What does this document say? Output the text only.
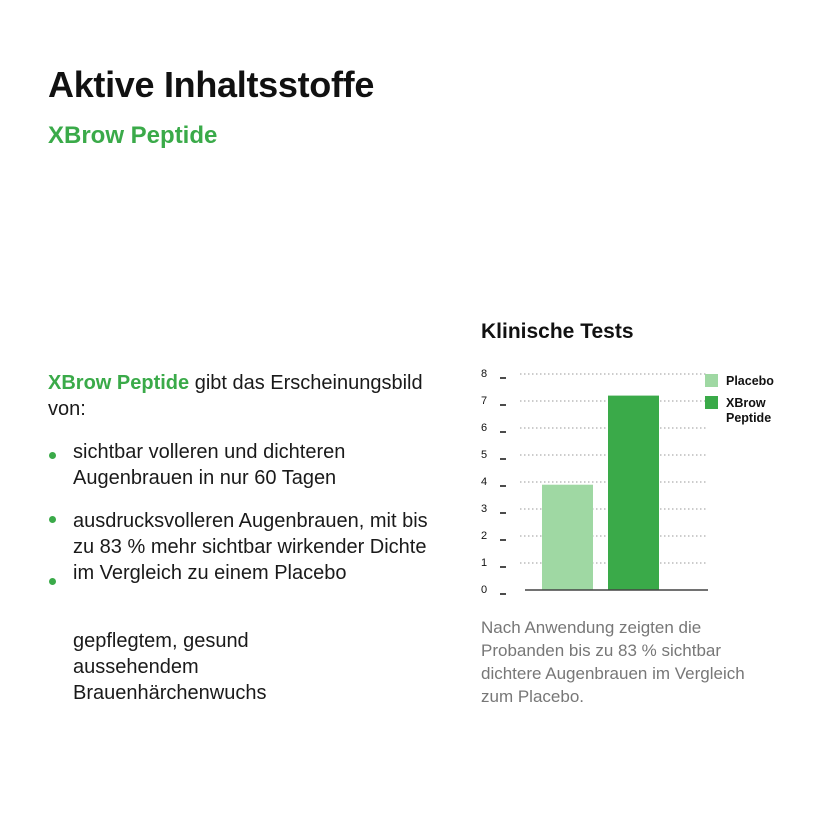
Aktive Inhaltsstoffe
XBrow Peptide
XBrow Peptide gibt das Erscheinungsbild von:
sichtbar volleren und dichteren Augenbrauen in nur 60 Tagen
ausdrucksvolleren Augenbrauen, mit bis zu 83 % mehr sichtbar wirkender Dichte im Vergleich zu einem Placebo
gepflegtem, gesund aussehendem Brauenhärchenwuchs
Klinische Tests
0
1
2
3
4
5
6
7
8	Placebo
XBrow Peptide
Nach Anwendung zeigten die Probanden bis zu 83 % sichtbar dichtere Augenbrauen im Vergleich zum Placebo.
